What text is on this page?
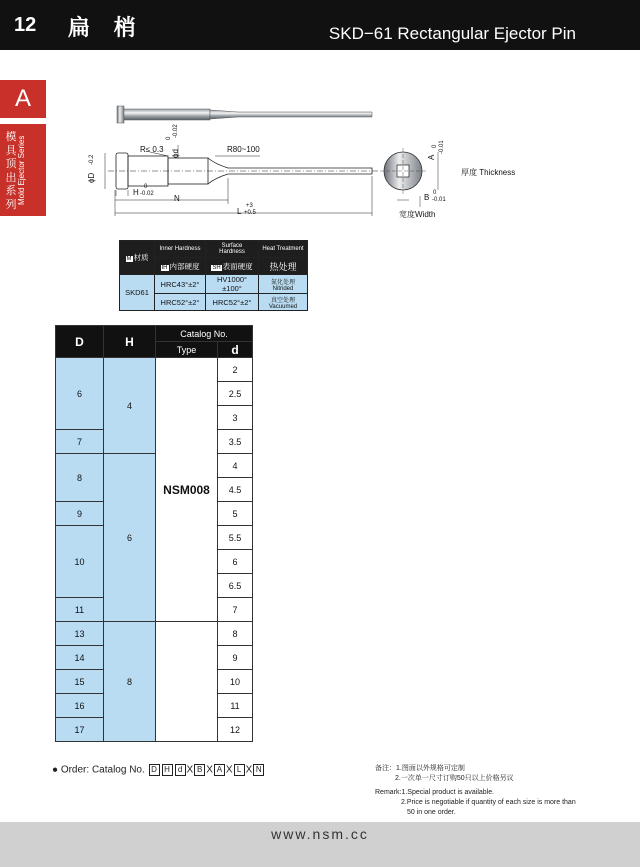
12 扁 梢	SKD−61 Rectangular Ejector Pin
A
模具顶出系列 Mold Ejector Series	R≤ 0.3 ϕd
-0.02
0
R80~100
ϕD
-0.2
H
0
-0.02	N
L
+3
+0.5
A
0 -0.01
B 0
-0.01
厚度 Thickness
宽度Width
M 材质	Inner Hardness	Surface Hardness	Heat Treatment
	IH 内部硬度	SH 表面硬度	热处理
SKD61	HRC43°±2°	HV1000°±100°	氮化处理 Nitrided
	HRC52°±2°	HRC52°±2°	真空处理 Vacuumed
D	H	Catalog No.	
		Type	d
6	4	NSM008	2
			2.5
			3
7			3.5
8	6		4
			4.5
9			5
10			5.5
			6
			6.5
11			7
13	8		8
14			9
15			10
16			11
17			12
● Order: Catalog No. D H d X B X A X L X N	备注：1.图面以外规格可定制
2.一次单一尺寸订购50只以上价格另议
Remark:1.Special product is available.
2.Price is negotiable if quantity of each size is more than
50 in one order.
www.nsm.cc
